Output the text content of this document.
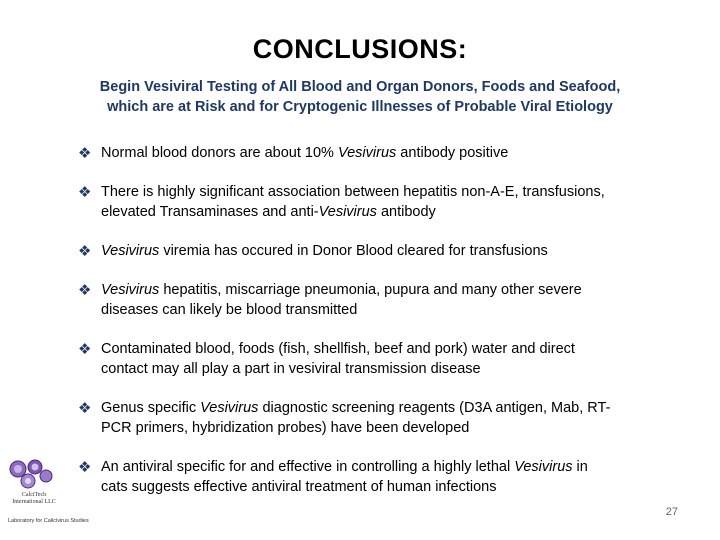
CONCLUSIONS:
Begin Vesiviral Testing of All Blood and Organ Donors, Foods and Seafood,
which are at Risk and for Cryptogenic Illnesses of Probable Viral Etiology
❖ Normal blood donors are about 10% Vesivirus antibody positive
❖ There is highly significant association between hepatitis non-A-E, transfusions,
elevated Transaminases and anti-Vesivirus antibody
❖ Vesivirus viremia has occured in Donor Blood cleared for transfusions
❖ Vesivirus hepatitis, miscarriage pneumonia, pupura and many other severe
diseases can likely be blood transmitted
❖ Contaminated blood, foods (fish, shellfish, beef and pork) water and direct
contact may all play a part in vesiviral transmission disease
❖ Genus specific Vesivirus diagnostic screening reagents (D3A antigen, Mab, RT-
PCR primers, hybridization probes) have been developed
❖ An antiviral specific for and effective in controlling a highly lethal Vesivirus in
cats suggests effective antiviral treatment of human infections
CalciTech
International LLC
Laboratory for Calicivirus Studies
27
